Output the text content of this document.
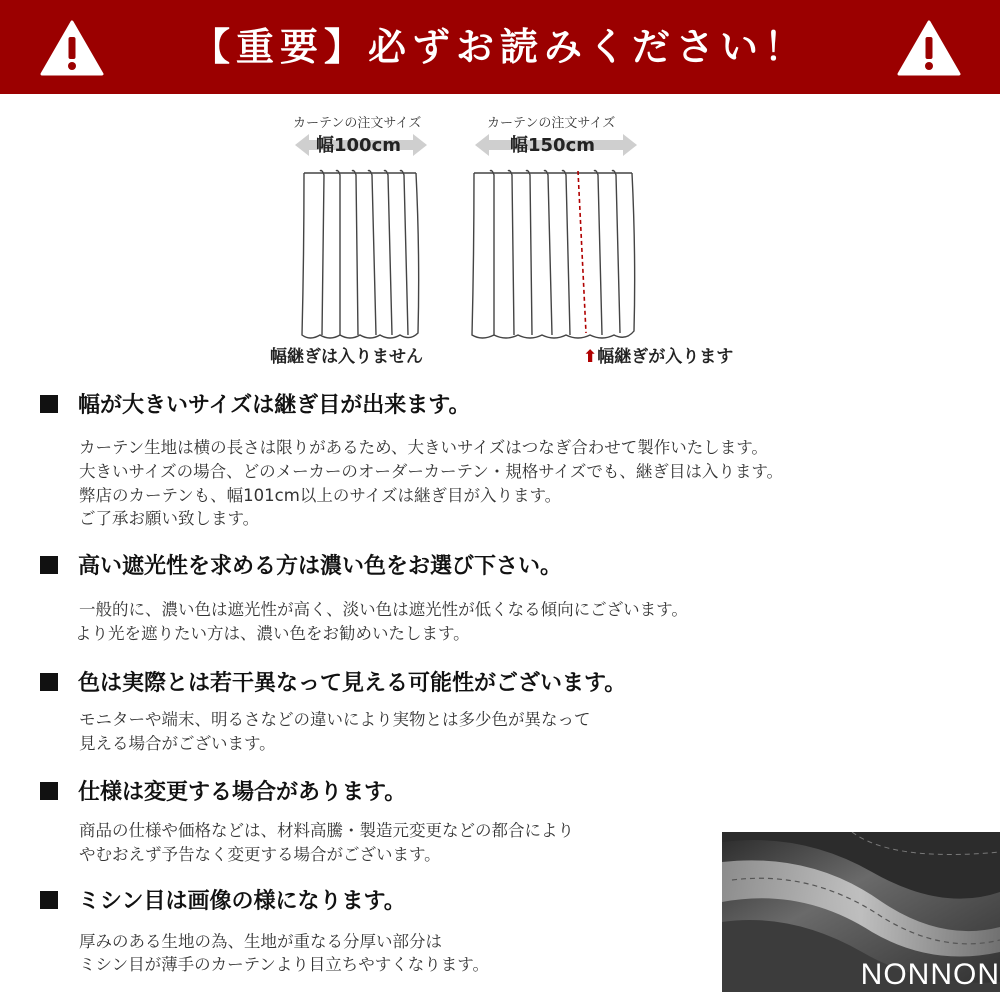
【重要】必ずお読みください！
カーテンの注文サイズ
幅100cm
幅継ぎは入りません
カーテンの注文サイズ
幅150cm
⬆幅継ぎが入ります
幅が大きいサイズは継ぎ目が出来ます。
カーテン生地は横の長さは限りがあるため、大きいサイズはつなぎ合わせて製作いたします。
大きいサイズの場合、どのメーカーのオーダーカーテン・規格サイズでも、継ぎ目は入ります。
弊店のカーテンも、幅101cm以上のサイズは継ぎ目が入ります。
ご了承お願い致します。
高い遮光性を求める方は濃い色をお選び下さい。
一般的に、濃い色は遮光性が高く、淡い色は遮光性が低くなる傾向にございます。
より光を遮りたい方は、濃い色をお勧めいたします。
色は実際とは若干異なって見える可能性がございます。
モニターや端末、明るさなどの違いにより実物とは多少色が異なって
見える場合がございます。
仕様は変更する場合があります。
商品の仕様や価格などは、材料高騰・製造元変更などの都合により
やむおえず予告なく変更する場合がございます。
ミシン目は画像の様になります。
厚みのある生地の為、生地が重なる分厚い部分は
ミシン目が薄手のカーテンより目立ちやすくなります。	NONNON
